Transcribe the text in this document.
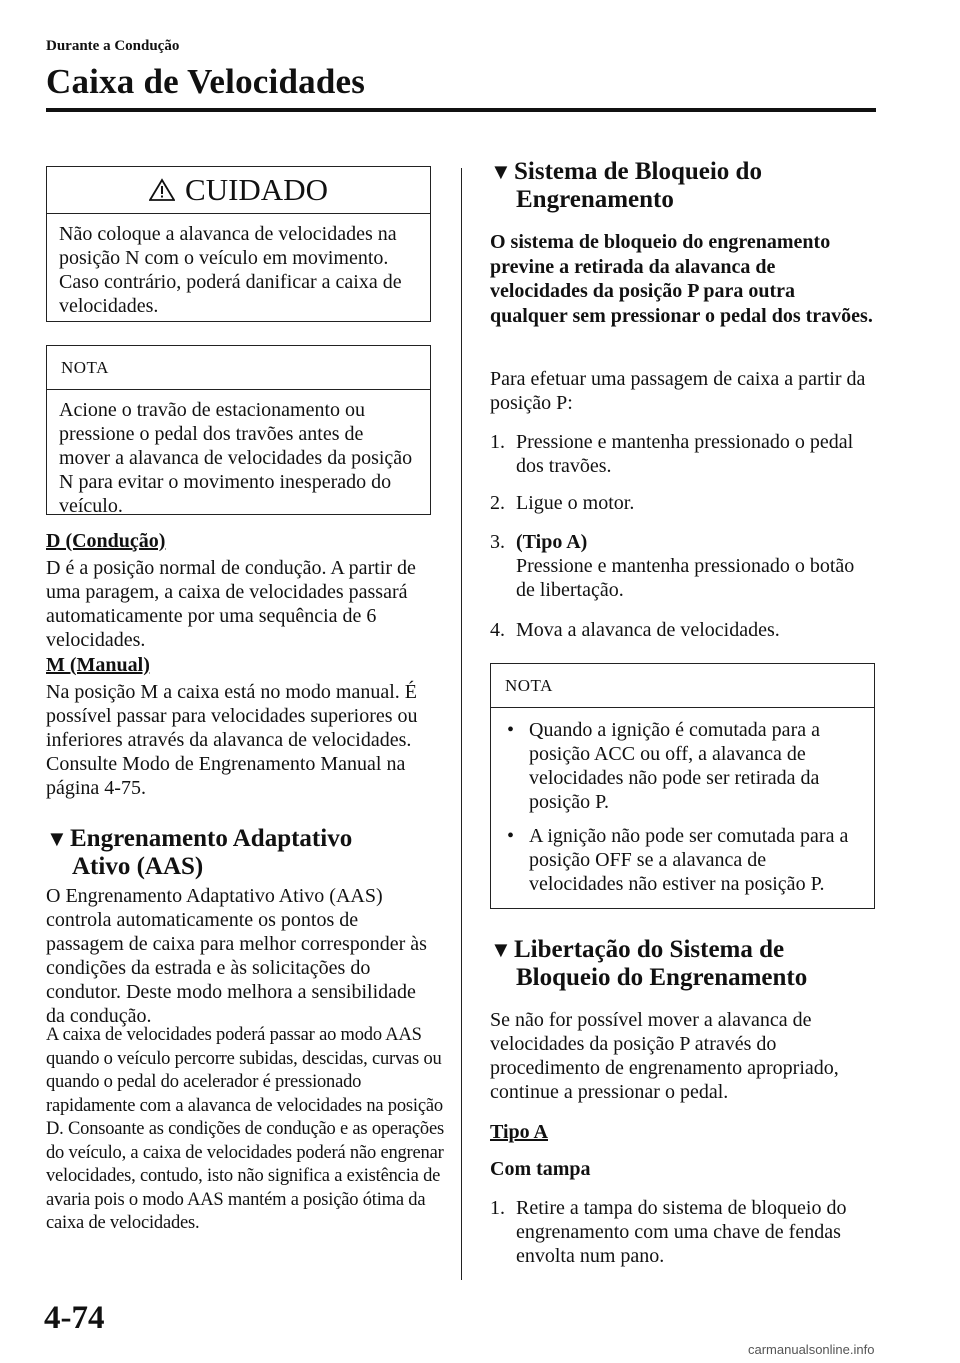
Durante a Condução
Caixa de Velocidades
CUIDADO
Não coloque a alavanca de velocidades na posição N com o veículo em movimento. Caso contrário, poderá danificar a caixa de velocidades.
NOTA
Acione o travão de estacionamento ou pressione o pedal dos travões antes de mover a alavanca de velocidades da posição N para evitar o movimento inesperado do veículo.
D (Condução)
D é a posição normal de condução. A partir de uma paragem, a caixa de velocidades passará automaticamente por uma sequência de 6 velocidades.
M (Manual)
Na posição M a caixa está no modo manual. É possível passar para velocidades superiores ou inferiores através da alavanca de velocidades. Consulte Modo de Engrenamento Manual na página 4-75.
▼Engrenamento Adaptativo
Ativo (AAS)
O Engrenamento Adaptativo Ativo (AAS) controla automaticamente os pontos de passagem de caixa para melhor corresponder às condições da estrada e às solicitações do condutor. Deste modo melhora a sensibilidade da condução.
A caixa de velocidades poderá passar ao modo AAS quando o veículo percorre subidas, descidas, curvas ou quando o pedal do acelerador é pressionado rapidamente com a alavanca de velocidades na posição D. Consoante as condições de condução e as operações do veículo, a caixa de velocidades poderá não engrenar velocidades, contudo, isto não significa a existência de avaria pois o modo AAS mantém a posição ótima da caixa de velocidades.
▼Sistema de Bloqueio do
Engrenamento
O sistema de bloqueio do engrenamento previne a retirada da alavanca de velocidades da posição P para outra qualquer sem pressionar o pedal dos travões.
Para efetuar uma passagem de caixa a partir da posição P:
1. Pressione e mantenha pressionado o pedal dos travões.
2. Ligue o motor.
3. (Tipo A)
Pressione e mantenha pressionado o botão de libertação.
4. Mova a alavanca de velocidades.
NOTA
• Quando a ignição é comutada para a posição ACC ou off, a alavanca de velocidades não pode ser retirada da posição P.
• A ignição não pode ser comutada para a posição OFF se a alavanca de velocidades não estiver na posição P.
▼Libertação do Sistema de
Bloqueio do Engrenamento
Se não for possível mover a alavanca de velocidades da posição P através do procedimento de engrenamento apropriado, continue a pressionar o pedal.
Tipo A
Com tampa
1. Retire a tampa do sistema de bloqueio do engrenamento com uma chave de fendas envolta num pano.
4-74
carmanualsonline.info
